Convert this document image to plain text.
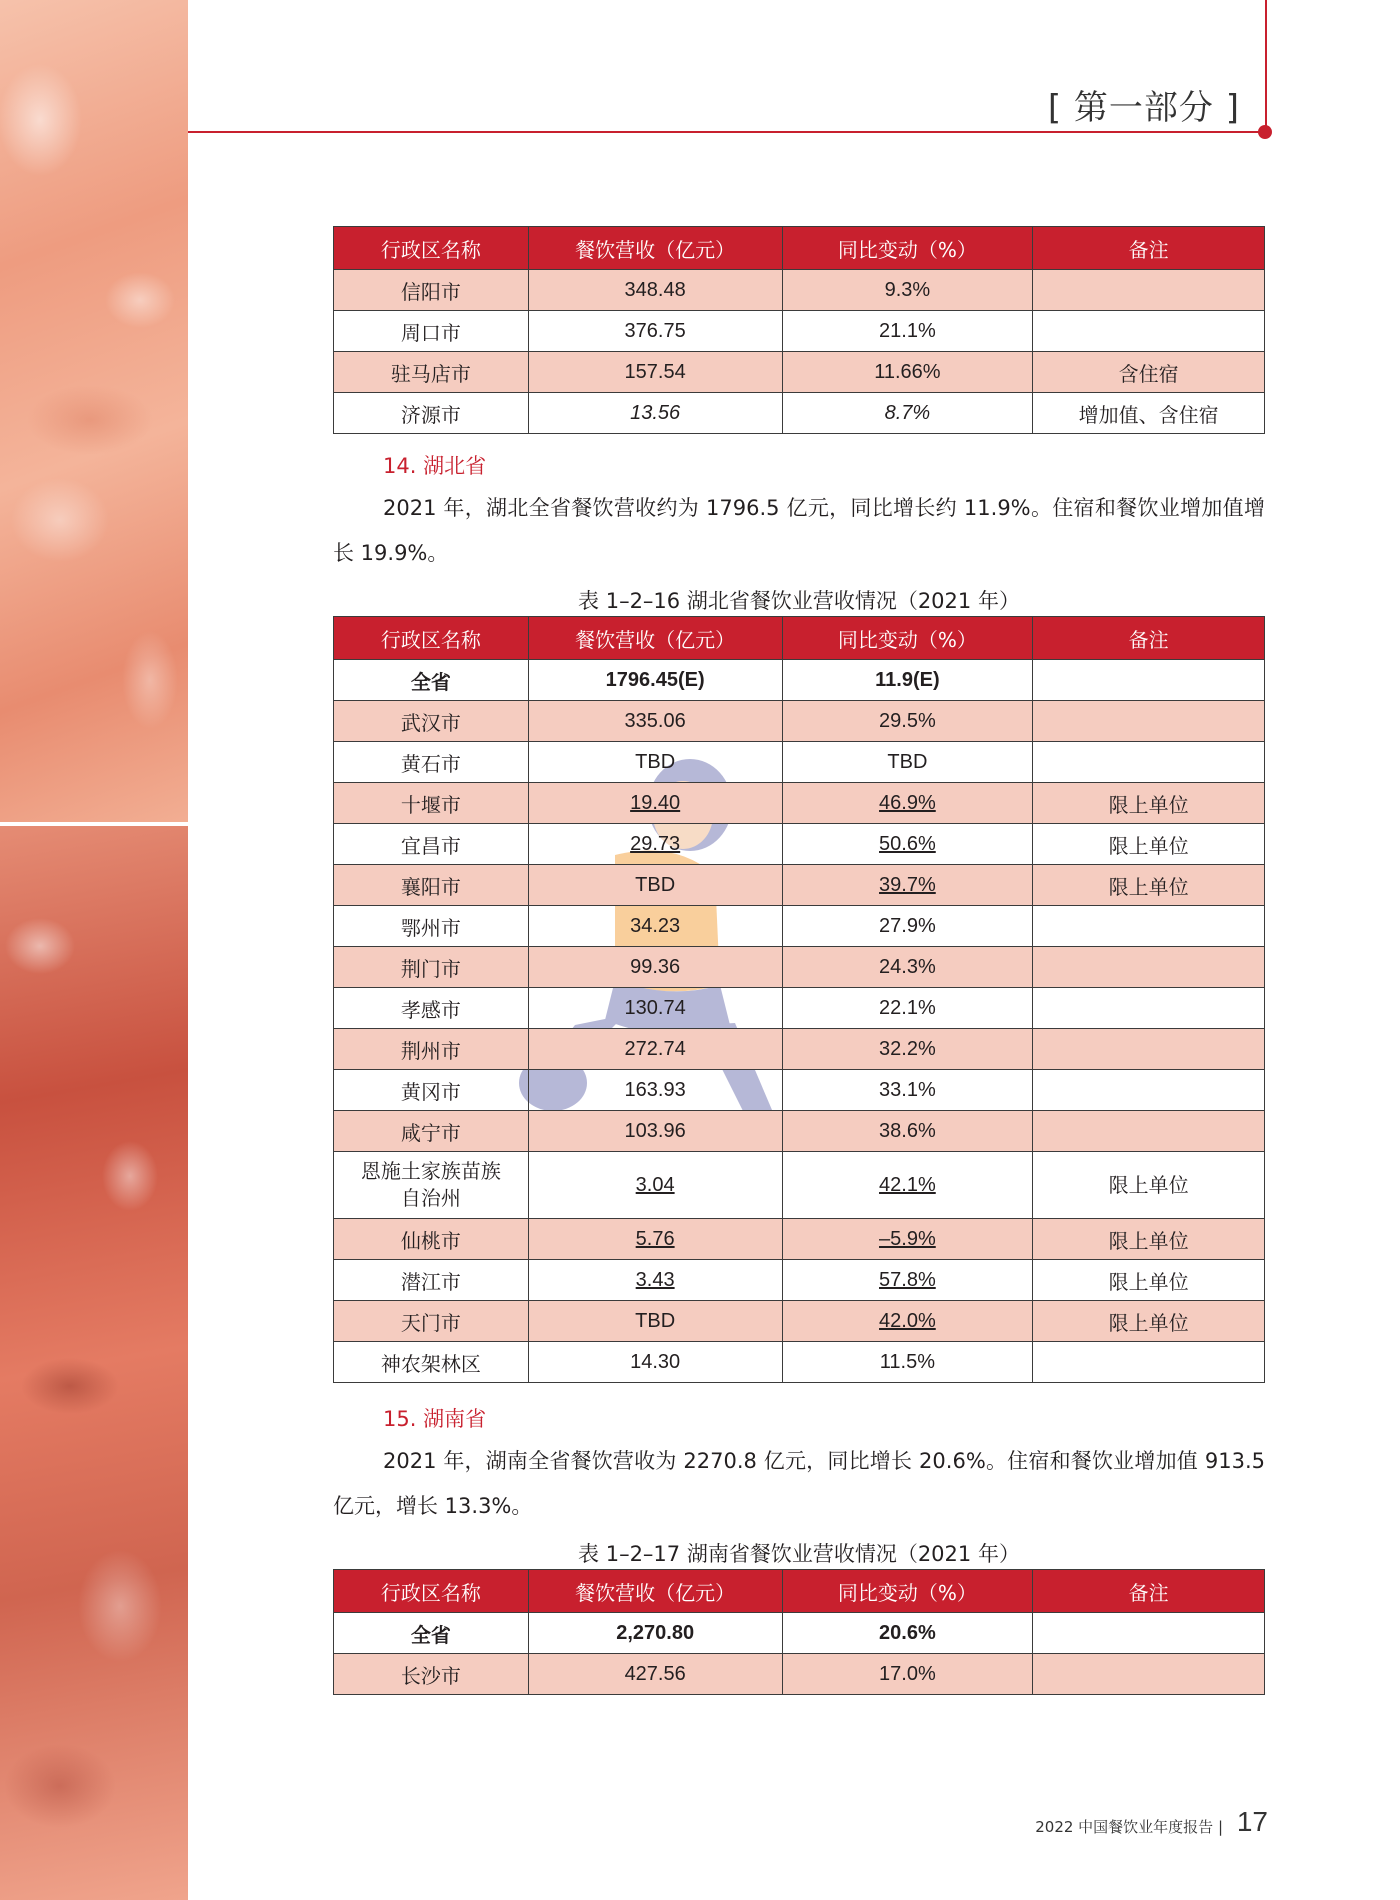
[ 第一部分 ]
行政区名称	餐饮营收（亿元）	同比变动（%）	备注
信阳市	348.48	9.3%	
周口市	376.75	21.1%	
驻马店市	157.54	11.66%	含住宿
济源市	13.56	8.7%	增加值、含住宿
14. 湖北省
2021 年，湖北全省餐饮营收约为 1796.5 亿元，同比增长约 11.9%。住宿和餐饮业增加值增长 19.9%。
表 1–2–16 湖北省餐饮业营收情况（2021 年）
行政区名称	餐饮营收（亿元）	同比变动（%）	备注
全省	1796.45(E)	11.9(E)	
武汉市	335.06	29.5%	
黄石市	TBD	TBD	
十堰市	19.40	46.9%	限上单位
宜昌市	29.73	50.6%	限上单位
襄阳市	TBD	39.7%	限上单位
鄂州市	34.23	27.9%	
荆门市	99.36	24.3%	
孝感市	130.74	22.1%	
荆州市	272.74	32.2%	
黄冈市	163.93	33.1%	
咸宁市	103.96	38.6%	
恩施土家族苗族
自治州	3.04	42.1%	限上单位
仙桃市	5.76	–5.9%	限上单位
潜江市	3.43	57.8%	限上单位
天门市	TBD	42.0%	限上单位
神农架林区	14.30	11.5%	
15. 湖南省
2021 年，湖南全省餐饮营收为 2270.8 亿元，同比增长 20.6%。住宿和餐饮业增加值 913.5 亿元，增长 13.3%。
表 1–2–17 湖南省餐饮业营收情况（2021 年）
行政区名称	餐饮营收（亿元）	同比变动（%）	备注
全省	2,270.80	20.6%	
长沙市	427.56	17.0%	
2022 中国餐饮业年度报告 | 17
